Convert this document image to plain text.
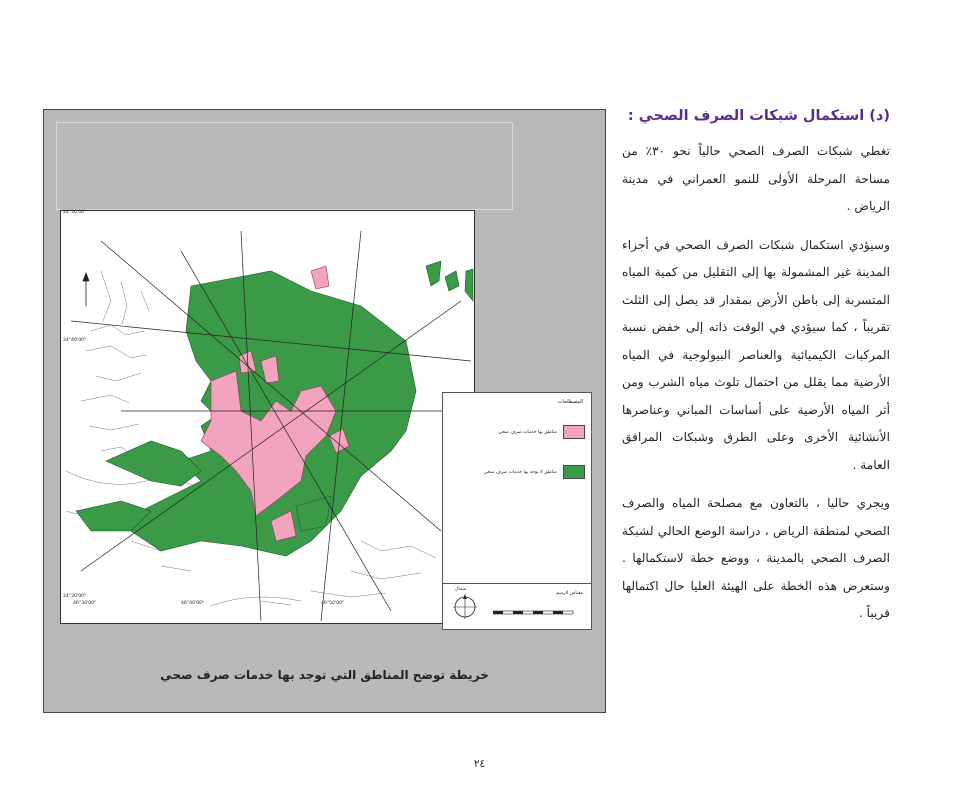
(د) استكمال شبكات الصرف الصحي :

تغطي شبكات الصرف الصحي حالياً نحو ٣٠٪ من مساحة المرحلة الأولى للنمو العمراني في مدينة الرياض .

وسيؤدي استكمال شبكات الصرف الصحي في أجزاء المدينة غير المشمولة بها إلى التقليل من كمية المياه المتسربة إلى باطن الأرض بمقدار قد يصل إلى الثلث تقريباً ، كما سيؤدي في الوقت ذاته إلى خفض نسبة المركبات الكيميائية والعناصر البيولوجية في المياه الأرضية مما يقلل من احتمال تلوث مياه الشرب ومن أثر المياه الأرضية على أساسات المباني وعناصرها الأنشائية الأخرى وعلى الطرق وشبكات المرافق العامة .

ويجري حاليا ، بالتعاون مع مصلحة المياه والصرف الصحي لمنطقة الرياض ، دراسة الوضع الحالي لشبكة الصرف الصحي بالمدينة ، ووضع خطة لاستكمالها . وستعرض هذه الخطة على الهيئة العليا حال اكتمالها قريباً .

24°50'00"
24°40'00"
24°30'00"
46°30'00"	46°40'00"	46°50'00"
المصطلحات
مناطق بها خدمات صرف صحي
مناطق لا يوجد بها خدمات صرف صحي
مقياس الرسم
شمال
خريطة توضح المناطق التي توجد بها خدمات صرف صحي
٢٤
